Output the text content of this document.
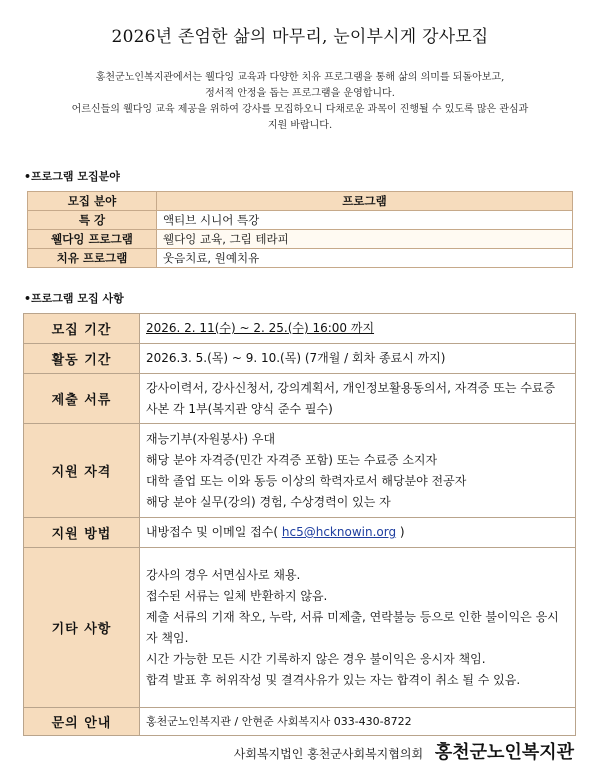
2026년 존엄한 삶의 마무리, 눈이부시게 강사모집
홍천군노인복지관에서는 웰다잉 교육과 다양한 치유 프로그램을 통해 삶의 의미를 되돌아보고,
정서적 안정을 돕는 프로그램을 운영합니다.
어르신들의 웰다잉 교육 제공을 위하여 강사를 모집하오니 다채로운 과목이 진행될 수 있도록 많은 관심과
지원 바랍니다.
•프로그램 모집분야
모집 분야	프로그램
특 강	액티브 시니어 특강
웰다잉 프로그램	웰다잉 교육, 그림 테라피
치유 프로그램	웃음치료, 원예치유
•프로그램 모집 사항
모집 기간	2026. 2. 11(수) ~ 2. 25.(수) 16:00 까지
활동 기간	2026.3. 5.(목) ~ 9. 10.(목) (7개월 / 회차 종료시 까지)
제출 서류	강사이력서, 강사신청서, 강의계획서, 개인정보활용동의서, 자격증 또는 수료증 사본 각 1부(복지관 양식 준수 필수)
지원 자격	재능기부(자원봉사) 우대
해당 분야 자격증(민간 자격증 포함) 또는 수료증 소지자
대학 졸업 또는 이와 동등 이상의 학력자로서 해당분야 전공자
해당 분야 실무(강의) 경험, 수상경력이 있는 자

지원 방법	내방접수 및 이메일 접수( hc5@hcknowin.org )
기타 사항	강사의 경우 서면심사로 채용.
접수된 서류는 일체 반환하지 않음.
제출 서류의 기재 착오, 누락, 서류 미제출, 연락불능 등으로 인한 불이익은 응시자 책임.
시간 가능한 모든 시간 기록하지 않은 경우 불이익은 응시자 책임.
합격 발표 후 허위작성 및 결격사유가 있는 자는 합격이 취소 될 수 있음.

문의 안내	홍천군노인복지관 / 안현준 사회복지사 033-430-8722
사회복지법인 홍천군사회복지협의회 홍천군노인복지관
